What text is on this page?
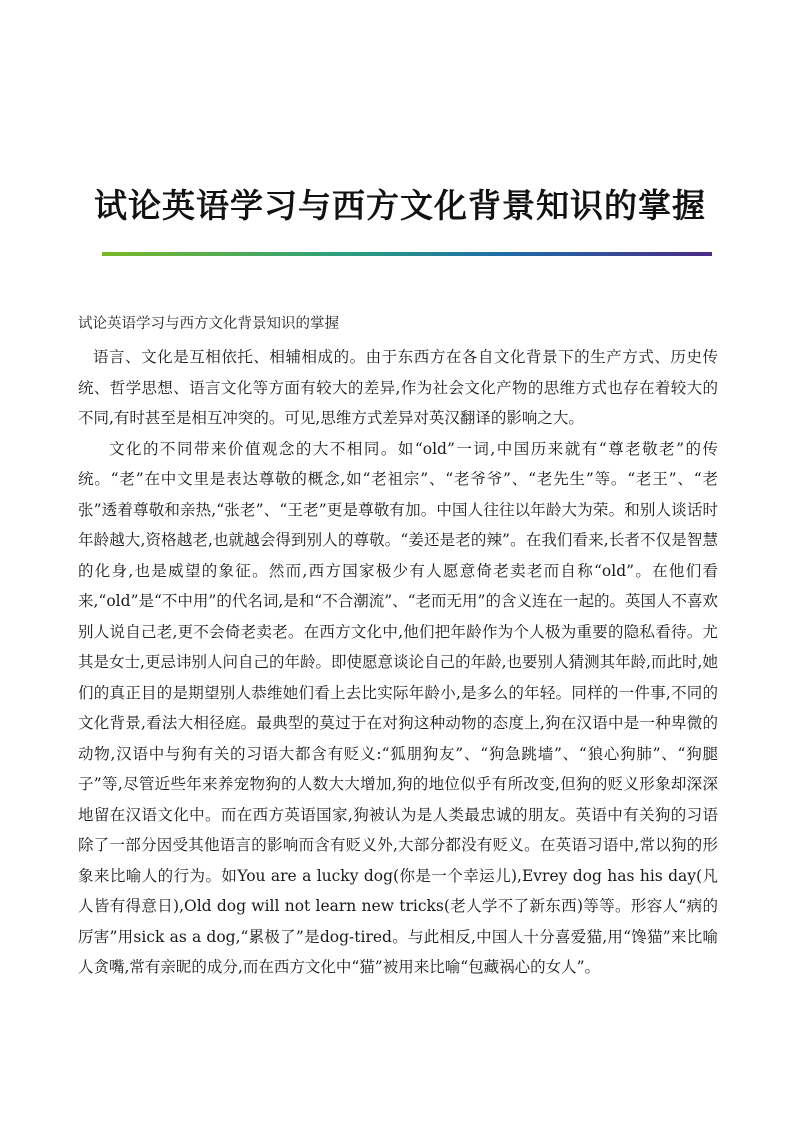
试论英语学习与西方文化背景知识的掌握
试论英语学习与西方文化背景知识的掌握

语言、文化是互相依托、相辅相成的。由于东西方在各自文化背景下的生产方式、历史传统、哲学思想、语言文化等方面有较大的差异,作为社会文化产物的思维方式也存在着较大的不同,有时甚至是相互冲突的。可见,思维方式差异对英汉翻译的影响之大。

文化的不同带来价值观念的大不相同。如“old”一词,中国历来就有“尊老敬老”的传统。“老”在中文里是表达尊敬的概念,如“老祖宗”、“老爷爷”、“老先生”等。“老王”、“老张”透着尊敬和亲热,“张老”、“王老”更是尊敬有加。中国人往往以年龄大为荣。和别人谈话时年龄越大,资格越老,也就越会得到别人的尊敬。“姜还是老的辣”。在我们看来,长者不仅是智慧的化身,也是威望的象征。然而,西方国家极少有人愿意倚老卖老而自称“old”。在他们看来,“old”是“不中用”的代名词,是和“不合潮流”、“老而无用”的含义连在一起的。英国人不喜欢别人说自己老,更不会倚老卖老。在西方文化中,他们把年龄作为个人极为重要的隐私看待。尤其是女士,更忌讳别人问自己的年龄。即使愿意谈论自己的年龄,也要别人猜测其年龄,而此时,她们的真正目的是期望别人恭维她们看上去比实际年龄小,是多么的年轻。同样的一件事,不同的文化背景,看法大相径庭。最典型的莫过于在对狗这种动物的态度上,狗在汉语中是一种卑微的动物,汉语中与狗有关的习语大都含有贬义:“狐朋狗友”、“狗急跳墙”、“狼心狗肺”、“狗腿子”等,尽管近些年来养宠物狗的人数大大增加,狗的地位似乎有所改变,但狗的贬义形象却深深地留在汉语文化中。而在西方英语国家,狗被认为是人类最忠诚的朋友。英语中有关狗的习语除了一部分因受其他语言的影响而含有贬义外,大部分都没有贬义。在英语习语中,常以狗的形象来比喻人的行为。如You are a lucky dog(你是一个幸运儿),Evrey dog has his day(凡人皆有得意日),Old dog will not learn new tricks(老人学不了新东西)等等。形容人“病的厉害”用sick as a dog,“累极了”是dog-tired。与此相反,中国人十分喜爱猫,用“馋猫”来比喻人贪嘴,常有亲昵的成分,而在西方文化中“猫”被用来比喻“包藏祸心的女人”。
